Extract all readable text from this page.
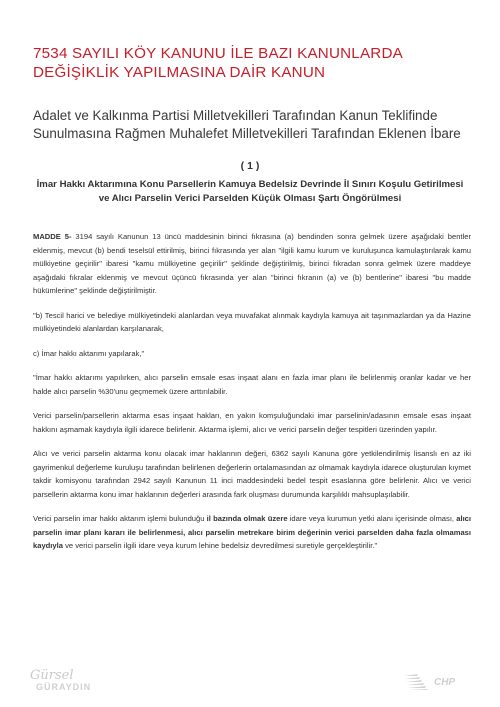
7534 SAYILI KÖY KANUNU İLE BAZI KANUNLARDA
DEĞİŞİKLİK YAPILMASINA DAİR KANUN
Adalet ve Kalkınma Partisi Milletvekilleri Tarafından Kanun Teklifinde Sunulmasına Rağmen Muhalefet Milletvekilleri Tarafından Eklenen İbare
( 1 )
İmar Hakkı Aktarımına Konu Parsellerin Kamuya Bedelsiz Devrinde İl Sınırı Koşulu Getirilmesi ve Alıcı Parselin Verici Parselden Küçük Olması Şartı Öngörülmesi

MADDE 5- 3194 sayılı Kanunun 13 üncü maddesinin birinci fıkrasına (a) bendinden sonra gelmek üzere aşağıdaki bentler eklenmiş, mevcut (b) bendi teselsül ettirilmiş, birinci fıkrasında yer alan "ilgili kamu kurum ve kuruluşunca kamulaştırılarak kamu mülkiyetine geçirilir" ibaresi "kamu mülkiyetine geçirilir" şeklinde değiştirilmiş, birinci fıkradan sonra gelmek üzere maddeye aşağıdaki fıkralar eklenmiş ve mevcut üçüncü fıkrasında yer alan "birinci fıkranın (a) ve (b) bentlerine" ibaresi "bu madde hükümlerine" şeklinde değiştirilmiştir.

"b) Tescil harici ve belediye mülkiyetindeki alanlardan veya muvafakat alınmak kaydıyla kamuya ait taşınmazlardan ya da Hazine mülkiyetindeki alanlardan karşılanarak,

c) İmar hakkı aktarımı yapılarak,"

"İmar hakkı aktarımı yapılırken, alıcı parselin emsale esas inşaat alanı en fazla imar planı ile belirlenmiş oranlar kadar ve her halde alıcı parselin %30'unu geçmemek üzere arttırılabilir.

Verici parselin/parsellerin aktarma esas inşaat hakları, en yakın komşuluğundaki imar parselinin/adasının emsale esas inşaat hakkını aşmamak kaydıyla ilgili idarece belirlenir. Aktarma işlemi, alıcı ve verici parselin değer tespitleri üzerinden yapılır.

Alıcı ve verici parselin aktarma konu olacak imar haklarının değeri, 6362 sayılı Kanuna göre yetkilendirilmiş lisanslı en az iki gayrimenkul değerleme kuruluşu tarafından belirlenen değerlerin ortalamasından az olmamak kaydıyla idarece oluşturulan kıymet takdir komisyonu tarafından 2942 sayılı Kanunun 11 inci maddesindeki bedel tespit esaslarına göre belirlenir. Alıcı ve verici parsellerin aktarma konu imar haklarının değerleri arasında fark oluşması durumunda karşılıklı mahsuplaşılabilir.

Verici parselin imar hakkı aktarım işlemi bulunduğu il bazında olmak üzere idare veya kurumun yetki alanı içerisinde olması, alıcı parselin imar planı kararı ile belirlenmesi, alıcı parselin metrekare birim değerinin verici parselden daha fazla olmaması kaydıyla ve verici parselin ilgili idare veya kurum lehine bedelsiz devredilmesi suretiyle gerçekleştirilir."

Gürsel
GÜRAYDIN	CHP
